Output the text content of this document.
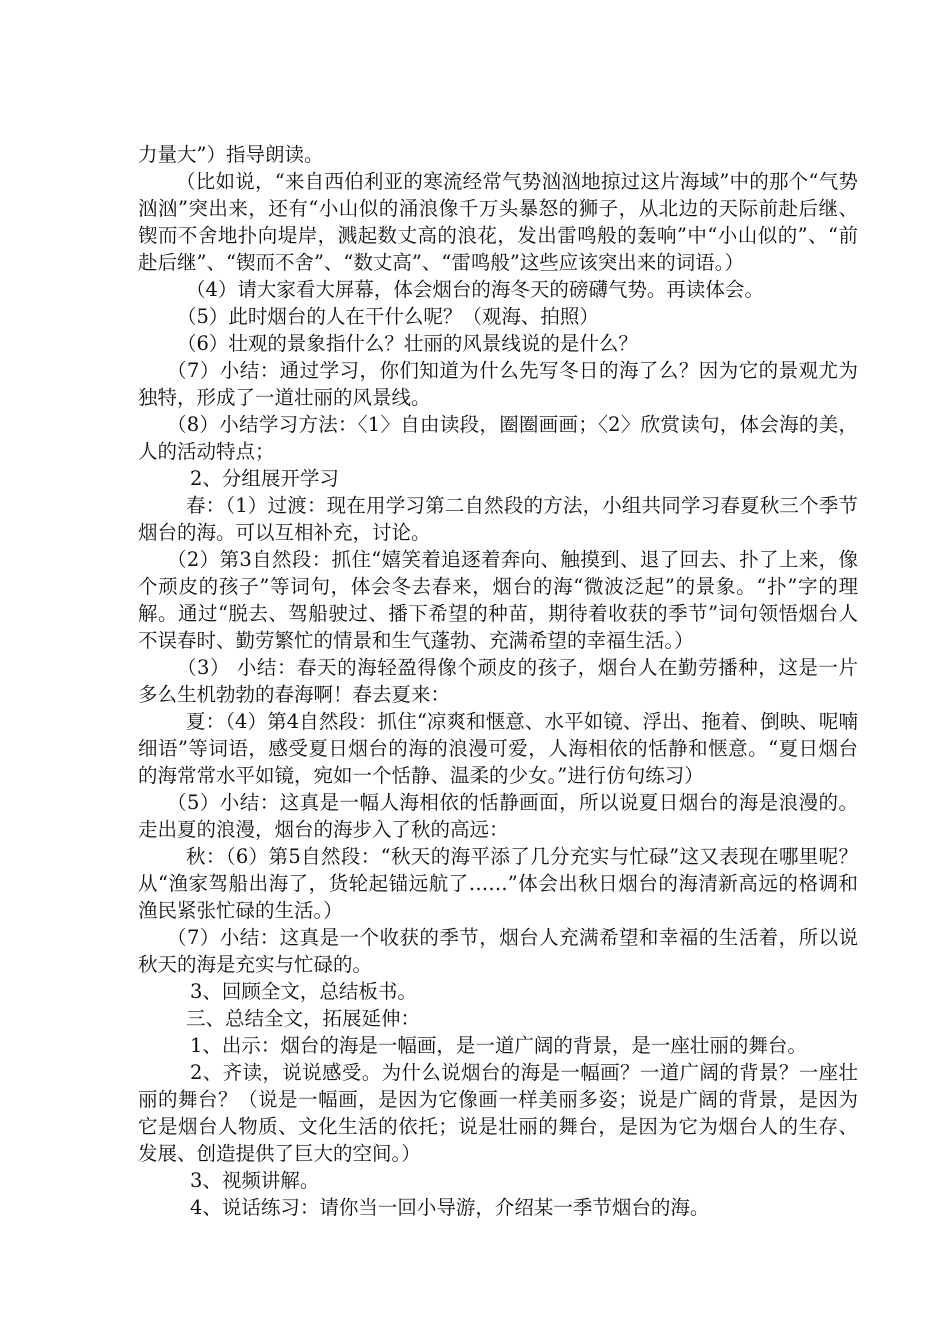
力量大”）指导朗读。

（比如说，“来自西伯利亚的寒流经常气势汹汹地掠过这片海域”中的那个“气势汹汹”突出来，还有“小山似的涌浪像千万头暴怒的狮子，从北边的天际前赴后继、锲而不舍地扑向堤岸，溅起数丈高的浪花，发出雷鸣般的轰响”中“小山似的”、“前赴后继”、“锲而不舍”、“数丈高”、“雷鸣般”这些应该突出来的词语。）

（4）请大家看大屏幕，体会烟台的海冬天的磅礴气势。再读体会。

（5）此时烟台的人在干什么呢？（观海、拍照）

（6）壮观的景象指什么？壮丽的风景线说的是什么？

（7）小结：通过学习，你们知道为什么先写冬日的海了么？因为它的景观尤为独特，形成了一道壮丽的风景线。

（8）小结学习方法：〈1〉自由读段，圈圈画画；〈2〉欣赏读句，体会海的美，人的活动特点；

2、分组展开学习

春：（1）过渡：现在用学习第二自然段的方法，小组共同学习春夏秋三个季节烟台的海。可以互相补充，讨论。

（2）第3自然段：抓住“嬉笑着追逐着奔向、触摸到、退了回去、扑了上来，像个顽皮的孩子”等词句，体会冬去春来，烟台的海“微波泛起”的景象。“扑”字的理解。通过“脱去、驾船驶过、播下希望的种苗，期待着收获的季节”词句领悟烟台人不误春时、勤劳繁忙的情景和生气蓬勃、充满希望的幸福生活。）

（3） 小结：春天的海轻盈得像个顽皮的孩子，烟台人在勤劳播种，这是一片多么生机勃勃的春海啊！春去夏来：

夏：（4）第4自然段：抓住“凉爽和惬意、水平如镜、浮出、拖着、倒映、呢喃细语”等词语，感受夏日烟台的海的浪漫可爱，人海相依的恬静和惬意。“夏日烟台的海常常水平如镜，宛如一个恬静、温柔的少女。”进行仿句练习）

（5）小结：这真是一幅人海相依的恬静画面，所以说夏日烟台的海是浪漫的。走出夏的浪漫，烟台的海步入了秋的高远：

秋：（6）第5自然段：“秋天的海平添了几分充实与忙碌”这又表现在哪里呢？从“渔家驾船出海了，货轮起锚远航了……”体会出秋日烟台的海清新高远的格调和渔民紧张忙碌的生活。）

（7）小结：这真是一个收获的季节，烟台人充满希望和幸福的生活着，所以说秋天的海是充实与忙碌的。

3、回顾全文，总结板书。

三、总结全文，拓展延伸：

1、出示：烟台的海是一幅画，是一道广阔的背景，是一座壮丽的舞台。

2、齐读，说说感受。为什么说烟台的海是一幅画？一道广阔的背景？一座壮丽的舞台？（说是一幅画，是因为它像画一样美丽多姿；说是广阔的背景，是因为它是烟台人物质、文化生活的依托；说是壮丽的舞台，是因为它为烟台人的生存、发展、创造提供了巨大的空间。）

3、视频讲解。

4、说话练习：请你当一回小导游，介绍某一季节烟台的海。
